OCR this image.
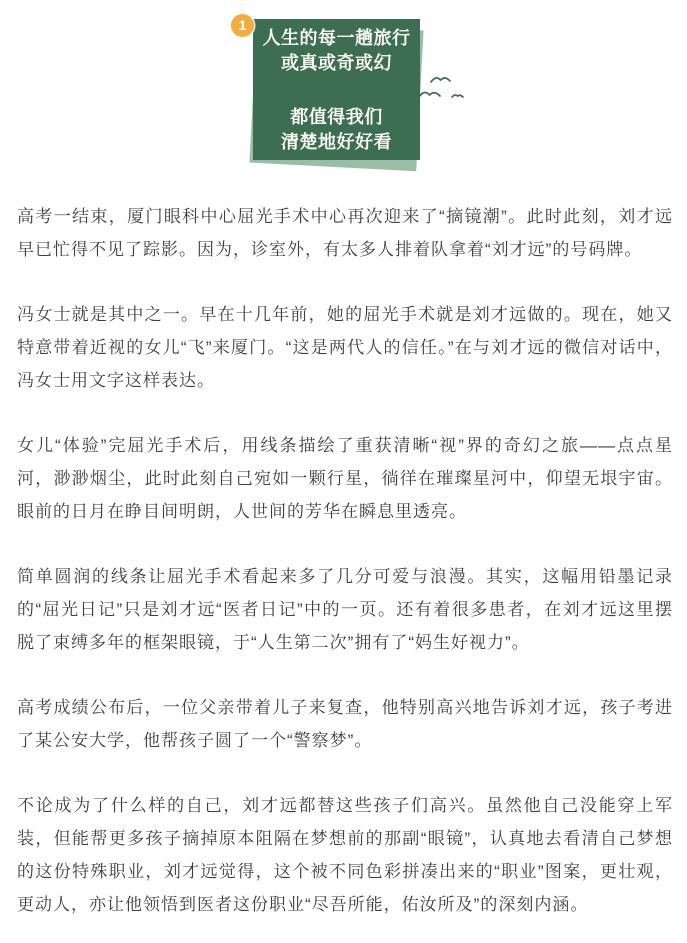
人生的每一趟旅行

或真或奇或幻

都值得我们

清楚地好好看

1

高考一结束，厦门眼科中心屈光手术中心再次迎来了“摘镜潮”。此时此刻，刘才远早已忙得不见了踪影。因为，诊室外，有太多人排着队拿着“刘才远”的号码牌。

冯女士就是其中之一。早在十几年前，她的屈光手术就是刘才远做的。现在，她又特意带着近视的女儿“飞”来厦门。“这是两代人的信任。”在与刘才远的微信对话中，冯女士用文字这样表达。

女儿“体验”完屈光手术后，用线条描绘了重获清晰“视”界的奇幻之旅——点点星河，渺渺烟尘，此时此刻自己宛如一颗行星，徜徉在璀璨星河中，仰望无垠宇宙。眼前的日月在睁目间明朗，人世间的芳华在瞬息里透亮。

简单圆润的线条让屈光手术看起来多了几分可爱与浪漫。其实，这幅用铅墨记录的“屈光日记”只是刘才远“医者日记”中的一页。还有着很多患者，在刘才远这里摆脱了束缚多年的框架眼镜，于“人生第二次”拥有了“妈生好视力”。

高考成绩公布后，一位父亲带着儿子来复查，他特别高兴地告诉刘才远，孩子考进了某公安大学，他帮孩子圆了一个“警察梦”。

不论成为了什么样的自己，刘才远都替这些孩子们高兴。虽然他自己没能穿上军装，但能帮更多孩子摘掉原本阻隔在梦想前的那副“眼镜”，认真地去看清自己梦想的这份特殊职业，刘才远觉得，这个被不同色彩拼凑出来的“职业”图案，更壮观，更动人，亦让他领悟到医者这份职业“尽吾所能，佑汝所及”的深刻内涵。
